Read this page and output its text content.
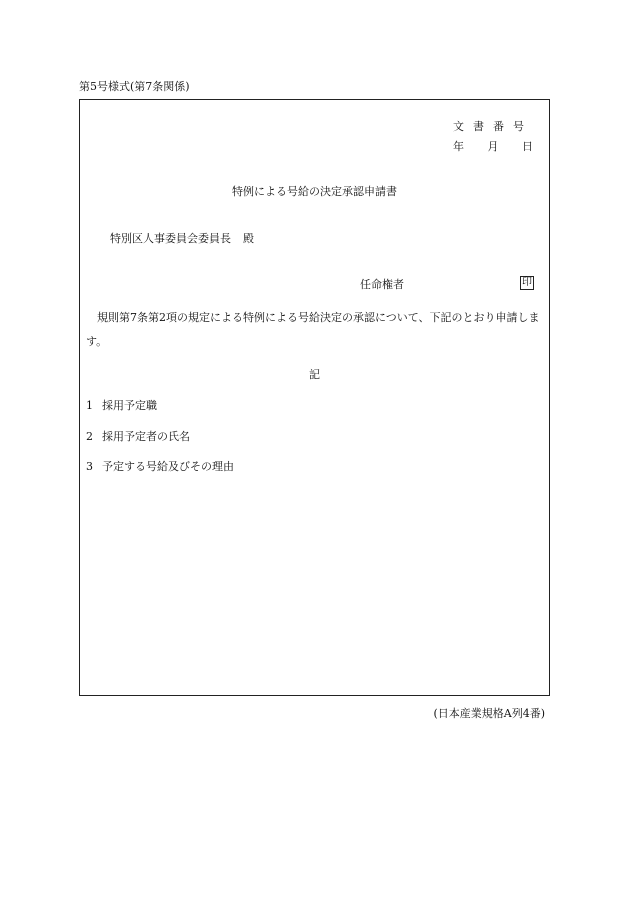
第5号様式(第7条関係)
文書番号
年 月 日
特例による号給の決定承認申請書
特別区人事委員会委員長 殿
任命権者	印
規則第7条第2項の規定による特例による号給決定の承認について、下記のとおり申請します。
記
1 採用予定職
2 採用予定者の氏名
3 予定する号給及びその理由
(日本産業規格A列4番)
